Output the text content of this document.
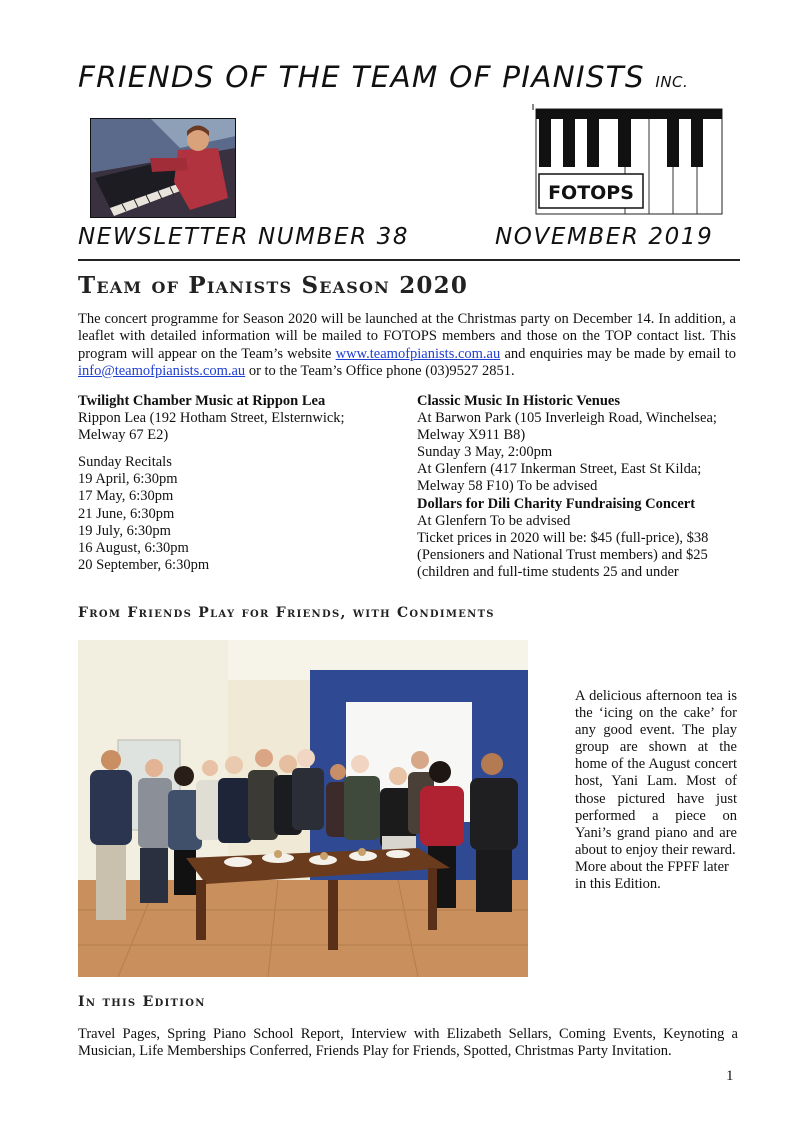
FRIENDS OF THE TEAM OF PIANISTS INC.
FOTOPS
NEWSLETTER NUMBER 38	NOVEMBER 2019
Team of Pianists Season 2020
The concert programme for Season 2020 will be launched at the Christmas party on December 14. In addition, a leaflet with detailed information will be mailed to FOTOPS members and those on the TOP contact list. This program will appear on the Team’s website www.teamofpianists.com.au and enquiries may be made by email to info@teamofpianists.com.au or to the Team’s Office phone (03)9527 2851.
Twilight Chamber Music at Rippon Lea
Rippon Lea (192 Hotham Street, Elsternwick;
Melway 67 E2)
Sunday Recitals
19 April, 6:30pm
17 May, 6:30pm
21 June, 6:30pm
19 July, 6:30pm
16 August, 6:30pm
20 September, 6:30pm
Classic Music In Historic Venues
At Barwon Park (105 Inverleigh Road, Winchelsea;
Melway X911 B8)
Sunday 3 May, 2:00pm
At Glenfern (417 Inkerman Street, East St Kilda;
Melway 58 F10) To be advised
Dollars for Dili Charity Fundraising Concert
At Glenfern To be advised
Ticket prices in 2020 will be: $45 (full-price), $38
(Pensioners and National Trust members) and $25
(children and full-time students 25 and under
From Friends Play for Friends, with Condiments
A delicious afternoon tea is the ‘icing on the cake’ for any good event. The play group are shown at the home of the August concert host, Yani Lam. Most of those pictured have just performed a piece on Yani’s grand piano and are about to enjoy their reward.
More about the FPFF later in this Edition.
In this Edition
Travel Pages, Spring Piano School Report, Interview with Elizabeth Sellars, Coming Events, Keynoting a Musician, Life Memberships Conferred, Friends Play for Friends, Spotted, Christmas Party Invitation.
1
